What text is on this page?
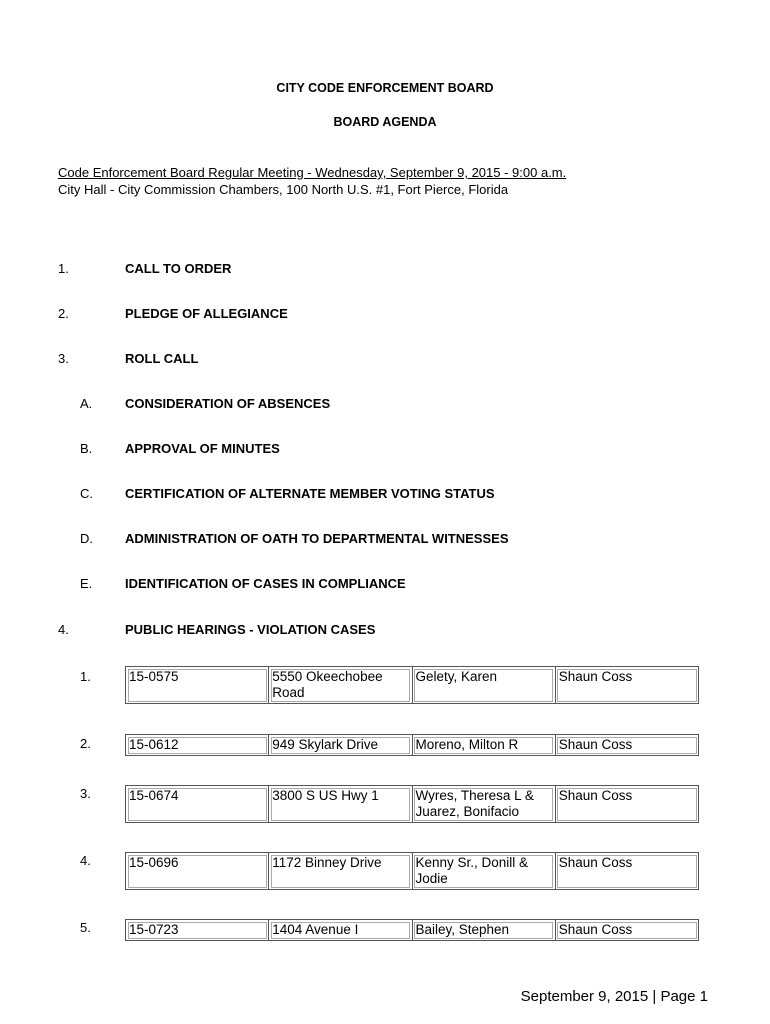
CITY CODE ENFORCEMENT BOARD
BOARD AGENDA
Code Enforcement Board Regular Meeting - Wednesday, September 9, 2015 - 9:00 a.m.
City Hall - City Commission Chambers, 100 North U.S. #1, Fort Pierce, Florida
1.	CALL TO ORDER
2.	PLEDGE OF ALLEGIANCE
3.	ROLL CALL
A.	CONSIDERATION OF ABSENCES
B.	APPROVAL OF MINUTES
C. CERTIFICATION OF ALTERNATE MEMBER VOTING STATUS
D. ADMINISTRATION OF OATH TO DEPARTMENTAL WITNESSES
E.	IDENTIFICATION OF CASES IN COMPLIANCE
4.	PUBLIC HEARINGS - VIOLATION CASES
1.	15-0575	5550 Okeechobee Road	Gelety, Karen	Shaun Coss
2.	15-0612	949 Skylark Drive	Moreno, Milton R	Shaun Coss
3.	15-0674	3800 S US Hwy 1	Wyres, Theresa L & Juarez, Bonifacio	Shaun Coss
4.	15-0696	1172 Binney Drive	Kenny Sr., Donill & Jodie	Shaun Coss
5.	15-0723	1404 Avenue I	Bailey, Stephen	Shaun Coss
September 9, 2015 | Page 1
